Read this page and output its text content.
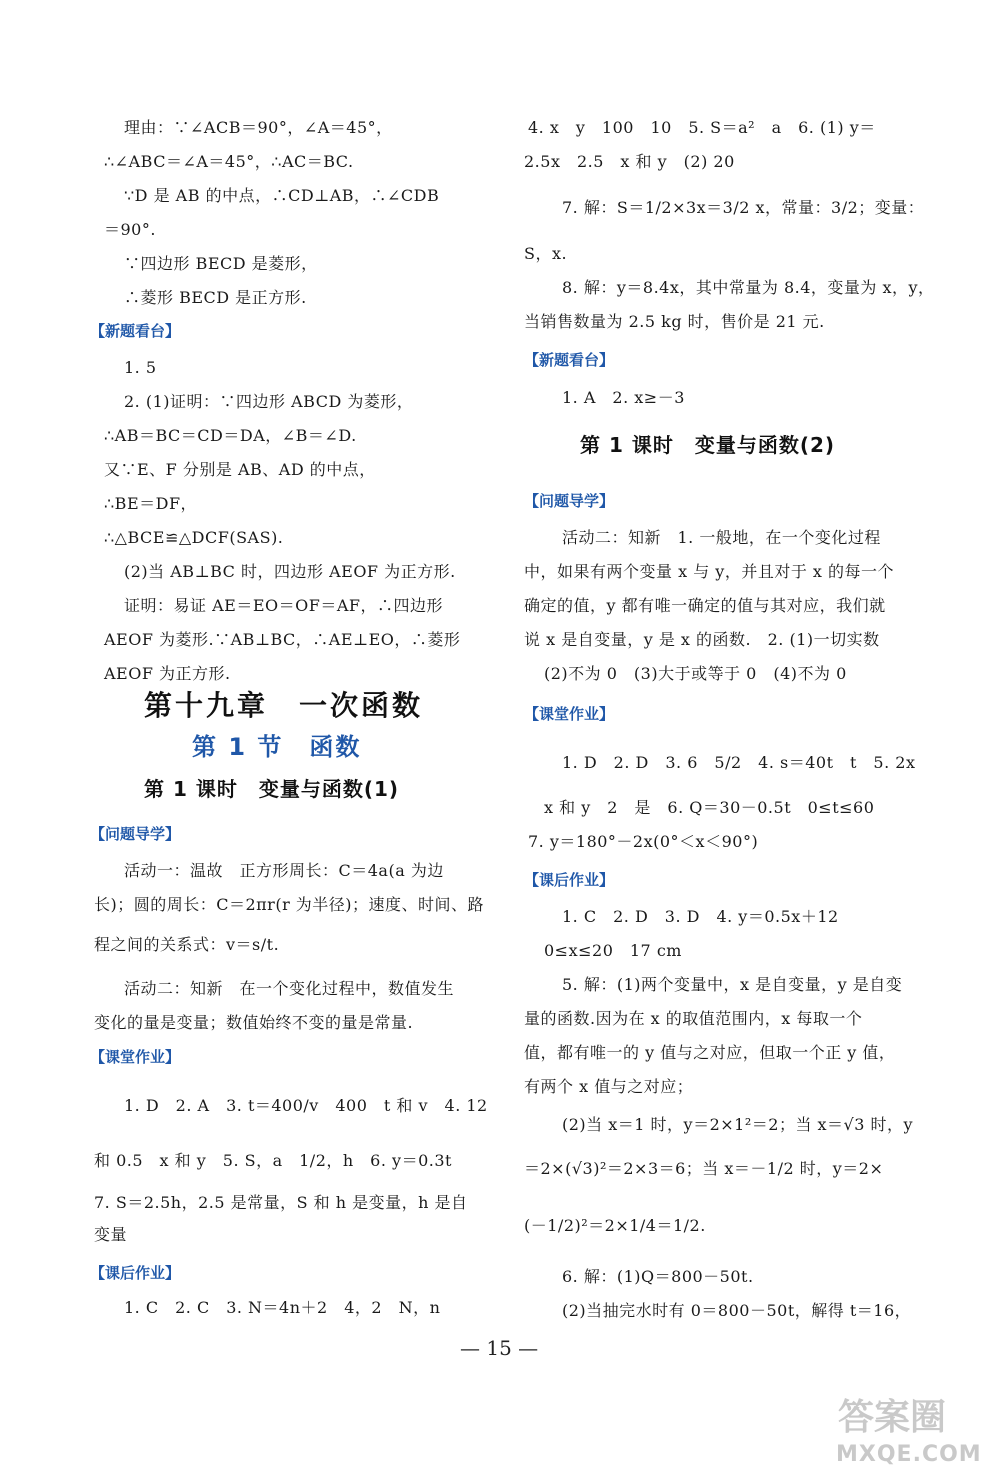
理由：∵∠ACB＝90°，∠A＝45°，
∴∠ABC＝∠A＝45°，∴AC＝BC.
∵D 是 AB 的中点，∴CD⊥AB，∴∠CDB
＝90°.
∵四边形 BECD 是菱形，
∴菱形 BECD 是正方形.
【新题看台】
1. 5
2. (1)证明：∵四边形 ABCD 为菱形，
∴AB＝BC＝CD＝DA，∠B＝∠D.
又∵E、F 分别是 AB、AD 的中点，
∴BE＝DF，
∴△BCE≌△DCF(SAS).
(2)当 AB⊥BC 时，四边形 AEOF 为正方形.
证明：易证 AE＝EO＝OF＝AF，∴四边形
AEOF 为菱形.∵AB⊥BC，∴AE⊥EO，∴菱形
AEOF 为正方形.
第十九章　一次函数
第 1 节　函数
第 1 课时　变量与函数(1)
【问题导学】
活动一：温故　正方形周长：C＝4a(a 为边
长)；圆的周长：C＝2πr(r 为半径)；速度、时间、路
程之间的关系式：v＝s/t.
活动二：知新　在一个变化过程中，数值发生
变化的量是变量；数值始终不变的量是常量.
【课堂作业】
1. D　2. A　3. t＝400/v　400　t 和 v　4. 12
和 0.5　x 和 y　5. S，a　1/2，h　6. y＝0.3t
7. S＝2.5h，2.5 是常量，S 和 h 是变量，h 是自
变量
【课后作业】
1. C　2. C　3. N＝4n＋2　4，2　N，n
4. x　y　100　10　5. S＝a²　a　6. (1) y＝
2.5x　2.5　x 和 y　(2) 20
7. 解：S＝1/2×3x＝3/2 x，常量：3/2；变量：
S，x.
8. 解：y＝8.4x，其中常量为 8.4，变量为 x，y，
当销售数量为 2.5 kg 时，售价是 21 元.
【新题看台】
1. A　2. x≥－3
第 1 课时　变量与函数(2)
【问题导学】
活动二：知新　1. 一般地，在一个变化过程
中，如果有两个变量 x 与 y，并且对于 x 的每一个
确定的值，y 都有唯一确定的值与其对应，我们就
说 x 是自变量，y 是 x 的函数.　2. (1)一切实数
(2)不为 0　(3)大于或等于 0　(4)不为 0
【课堂作业】
1. D　2. D　3. 6　5/2　4. s＝40t　t　5. 2x
x 和 y　2　是　6. Q＝30－0.5t　0≤t≤60
7. y＝180°－2x(0°＜x＜90°)
【课后作业】
1. C　2. D　3. D　4. y＝0.5x＋12
0≤x≤20　17 cm
5. 解：(1)两个变量中，x 是自变量，y 是自变
量的函数.因为在 x 的取值范围内，x 每取一个
值，都有唯一的 y 值与之对应，但取一个正 y 值，
有两个 x 值与之对应；
(2)当 x＝1 时，y＝2×1²＝2；当 x＝√3 时，y
＝2×(√3)²＝2×3＝6；当 x＝－1/2 时，y＝2×
(－1/2)²＝2×1/4＝1/2.
6. 解：(1)Q＝800－50t.
(2)当抽完水时有 0＝800－50t，解得 t＝16，
— 15 —
答案圈
MXQE.COM
